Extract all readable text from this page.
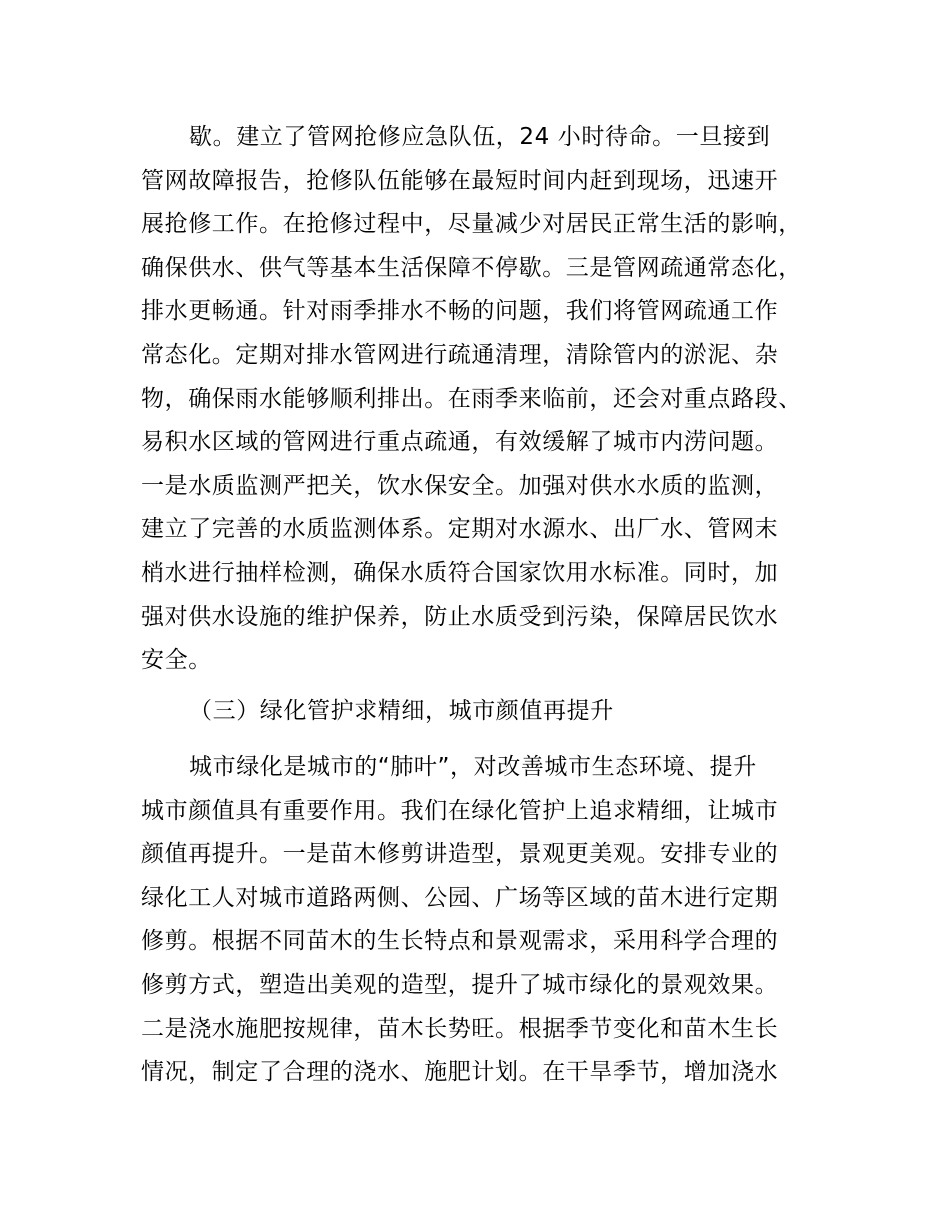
歇。建立了管网抢修应急队伍，24 小时待命。一旦接到
管网故障报告，抢修队伍能够在最短时间内赶到现场，迅速开
展抢修工作。在抢修过程中，尽量减少对居民正常生活的影响，
确保供水、供气等基本生活保障不停歇。三是管网疏通常态化，
排水更畅通。针对雨季排水不畅的问题，我们将管网疏通工作
常态化。定期对排水管网进行疏通清理，清除管内的淤泥、杂
物，确保雨水能够顺利排出。在雨季来临前，还会对重点路段、
易积水区域的管网进行重点疏通，有效缓解了城市内涝问题。
一是水质监测严把关，饮水保安全。加强对供水水质的监测，
建立了完善的水质监测体系。定期对水源水、出厂水、管网末
梢水进行抽样检测，确保水质符合国家饮用水标准。同时，加
强对供水设施的维护保养，防止水质受到污染，保障居民饮水
安全。
（三）绿化管护求精细，城市颜值再提升
城市绿化是城市的“肺叶”，对改善城市生态环境、提升
城市颜值具有重要作用。我们在绿化管护上追求精细，让城市
颜值再提升。一是苗木修剪讲造型，景观更美观。安排专业的
绿化工人对城市道路两侧、公园、广场等区域的苗木进行定期
修剪。根据不同苗木的生长特点和景观需求，采用科学合理的
修剪方式，塑造出美观的造型，提升了城市绿化的景观效果。
二是浇水施肥按规律，苗木长势旺。根据季节变化和苗木生长
情况，制定了合理的浇水、施肥计划。在干旱季节，增加浇水
